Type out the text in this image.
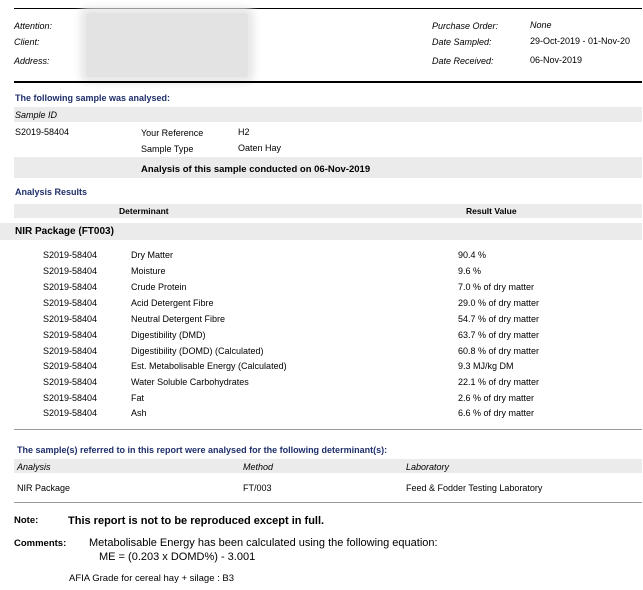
Attention:
Client:
Address:
Purchase Order:	None
Date Sampled:	29-Oct-2019 - 01-Nov-20
Date Received:	06-Nov-2019
The following sample was analysed:
Sample ID
S2019-58404	Your Reference	H2
Sample Type	Oaten Hay
Analysis of this sample conducted on 06-Nov-2019
Analysis Results
Determinant	Result Value
NIR Package (FT003)
S2019-58404	Dry Matter	90.4 %
S2019-58404	Moisture	9.6 %
S2019-58404	Crude Protein	7.0 % of dry matter
S2019-58404	Acid Detergent Fibre	29.0 % of dry matter
S2019-58404	Neutral Detergent Fibre	54.7 % of dry matter
S2019-58404	Digestibility (DMD)	63.7 % of dry matter
S2019-58404	Digestibility (DOMD) (Calculated)	60.8 % of dry matter
S2019-58404	Est. Metabolisable Energy (Calculated)	9.3 MJ/kg DM
S2019-58404	Water Soluble Carbohydrates	22.1 % of dry matter
S2019-58404	Fat	2.6 % of dry matter
S2019-58404	Ash	6.6 % of dry matter
The sample(s) referred to in this report were analysed for the following determinant(s):
Analysis	Method	Laboratory
NIR Package	FT/003	Feed & Fodder Testing Laboratory
Note:	This report is not to be reproduced except in full.
Comments: Metabolisable Energy has been calculated using the following equation:
ME = (0.203 x DOMD%) - 3.001
AFIA Grade for cereal hay + silage : B3
